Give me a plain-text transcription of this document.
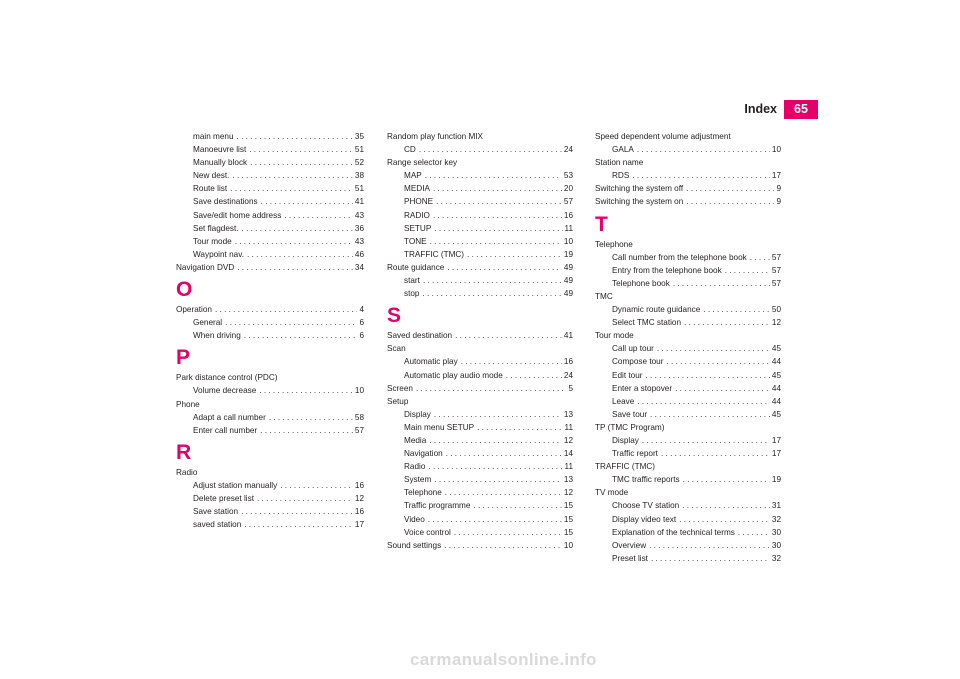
Index	65
main menu . . .	35
Manoeuvre list . . .	51
Manually block . . .	52
New dest. . . .	38
Route list . . .	51
Save destinations . . .	41
Save/edit home address . . .	43
Set flagdest. . . .	36
Tour mode . . .	43
Waypoint nav. . . .	46
Navigation DVD . . .	34
O
Operation . . .	4
General . . .	6
When driving . . .	6
P
Park distance control (PDC)
Volume decrease . . .	10
Phone
Adapt a call number . . .	58
Enter call number . . .	57
R
Radio
Adjust station manually . . .	16
Delete preset list . . .	12
Save station . . .	16
saved station . . .	17
Random play function MIX
CD . . .	24
Range selector key
MAP . . .	53
MEDIA . . .	20
PHONE . . .	57
RADIO . . .	16
SETUP . . .	11
TONE . . .	10
TRAFFIC (TMC) . . .	19
Route guidance . . .	49
start . . .	49
stop . . .	49
S
Saved destination . . .	41
Scan
Automatic play . . .	16
Automatic play audio mode . . .	24
Screen . . .	5
Setup
Display . . .	13
Main menu SETUP . . .	11
Media . . .	12
Navigation . . .	14
Radio . . .	11
System . . .	13
Telephone . . .	12
Traffic programme . . .	15
Video . . .	15
Voice control . . .	15
Sound settings . . .	10
Speed dependent volume adjustment
GALA . . .	10
Station name
RDS . . .	17
Switching the system off . . .	9
Switching the system on . . .	9
T
Telephone
Call number from the telephone book . . .	57
Entry from the telephone book . . .	57
Telephone book . . .	57
TMC
Dynamic route guidance . . .	50
Select TMC station . . .	12
Tour mode
Call up tour . . .	45
Compose tour . . .	44
Edit tour . . .	45
Enter a stopover . . .	44
Leave . . .	44
Save tour . . .	45
TP (TMC Program)
Display . . .	17
Traffic report . . .	17
TRAFFIC (TMC)
TMC traffic reports . . .	19
TV mode
Choose TV station . . .	31
Display video text . . .	32
Explanation of the technical terms . . .	30
Overview . . .	30
Preset list . . .	32
carmanualsonline.info
